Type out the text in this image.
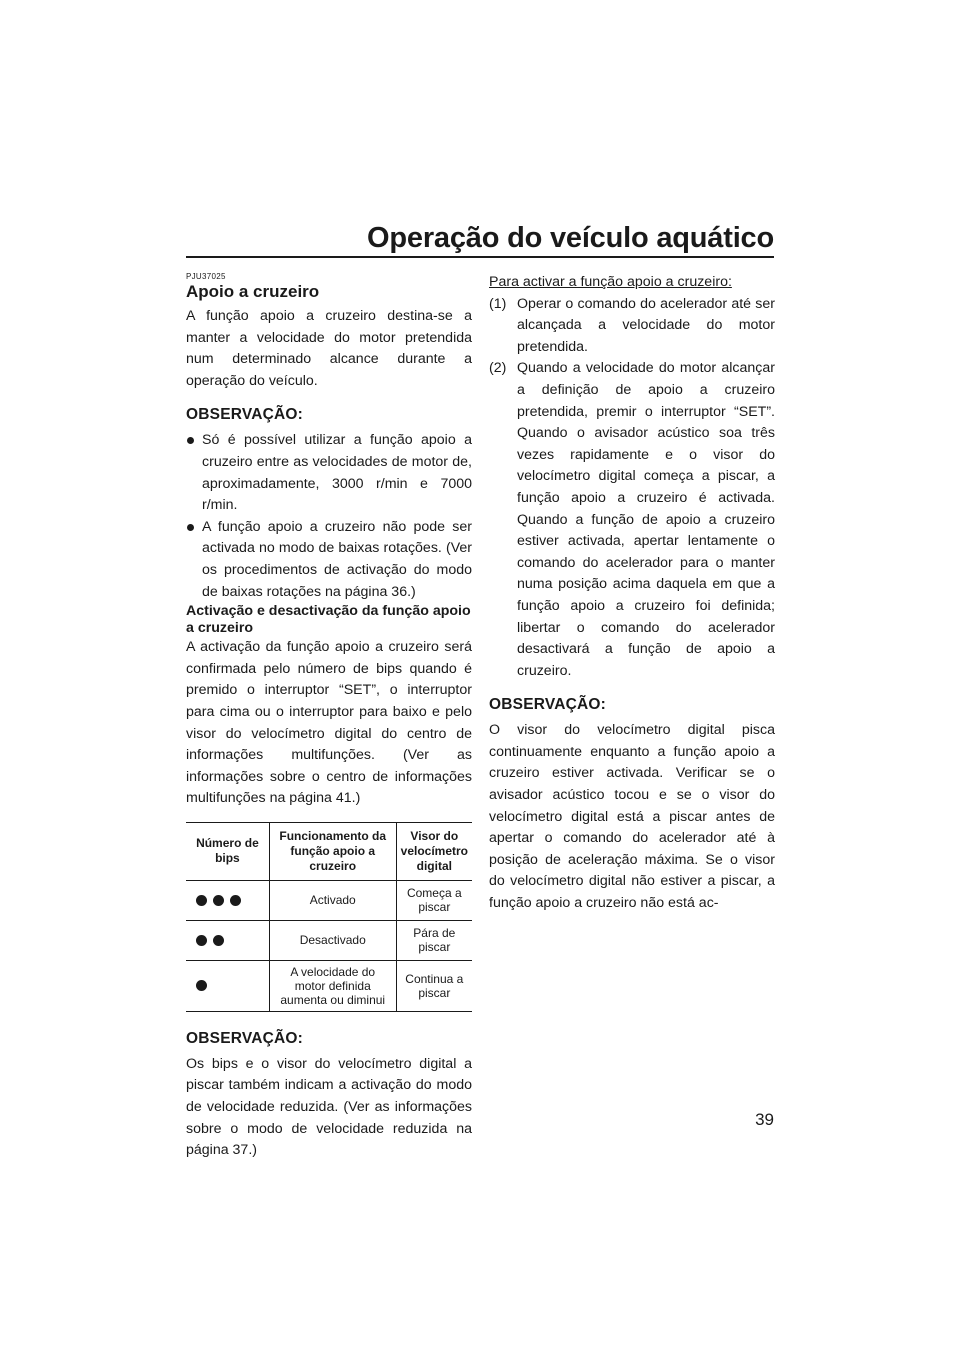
Operação do veículo aquático
PJU37025
Apoio a cruzeiro

A função apoio a cruzeiro destina-se a manter a velocidade do motor pretendida num determinado alcance durante a operação do veículo.

OBSERVAÇÃO:
Só é possível utilizar a função apoio a cruzeiro entre as velocidades de motor de, aproximadamente, 3000 r/min e 7000 r/min.
A função apoio a cruzeiro não pode ser activada no modo de baixas rotações. (Ver os procedimentos de activação do modo de baixas rotações na página 36.)
Activação e desactivação da função apoio a cruzeiro

A activação da função apoio a cruzeiro será confirmada pelo número de bips quando é premido o interruptor “SET”, o interruptor para cima ou o interruptor para baixo e pelo visor do velocímetro digital do centro de informações multifunções. (Ver as informações sobre o centro de informações multifunções na página 41.)

Número de bips	Funcionamento da função apoio a cruzeiro	Visor do velocímetro digital

	Activado	Começa a piscar

	Desactivado	Pára de piscar

	A velocidade do motor definida aumenta ou diminui	Continua a piscar
OBSERVAÇÃO:

Os bips e o visor do velocímetro digital a piscar também indicam a activação do modo de velocidade reduzida. (Ver as informações sobre o modo de velocidade reduzida na página 37.)

Para activar a função apoio a cruzeiro:

(1) Operar o comando do acelerador até ser alcançada a velocidade do motor pretendida.
(2) Quando a velocidade do motor alcançar a definição de apoio a cruzeiro pretendida, premir o interruptor “SET”. Quando o avisador acústico soa três vezes rapidamente e o visor do velocímetro digital começa a piscar, a função apoio a cruzeiro é activada. Quando a função de apoio a cruzeiro estiver activada, apertar lentamente o comando do acelerador para o manter numa posição acima daquela em que a função apoio a cruzeiro foi definida; libertar o comando do acelerador desactivará a função de apoio a cruzeiro.
OBSERVAÇÃO:

O visor do velocímetro digital pisca continuamente enquanto a função apoio a cruzeiro estiver activada. Verificar se o avisador acústico tocou e se o visor do velocímetro digital está a piscar antes de apertar o comando do acelerador até à posição de aceleração máxima. Se o visor do velocímetro digital não estiver a piscar, a função apoio a cruzeiro não está ac-

39
